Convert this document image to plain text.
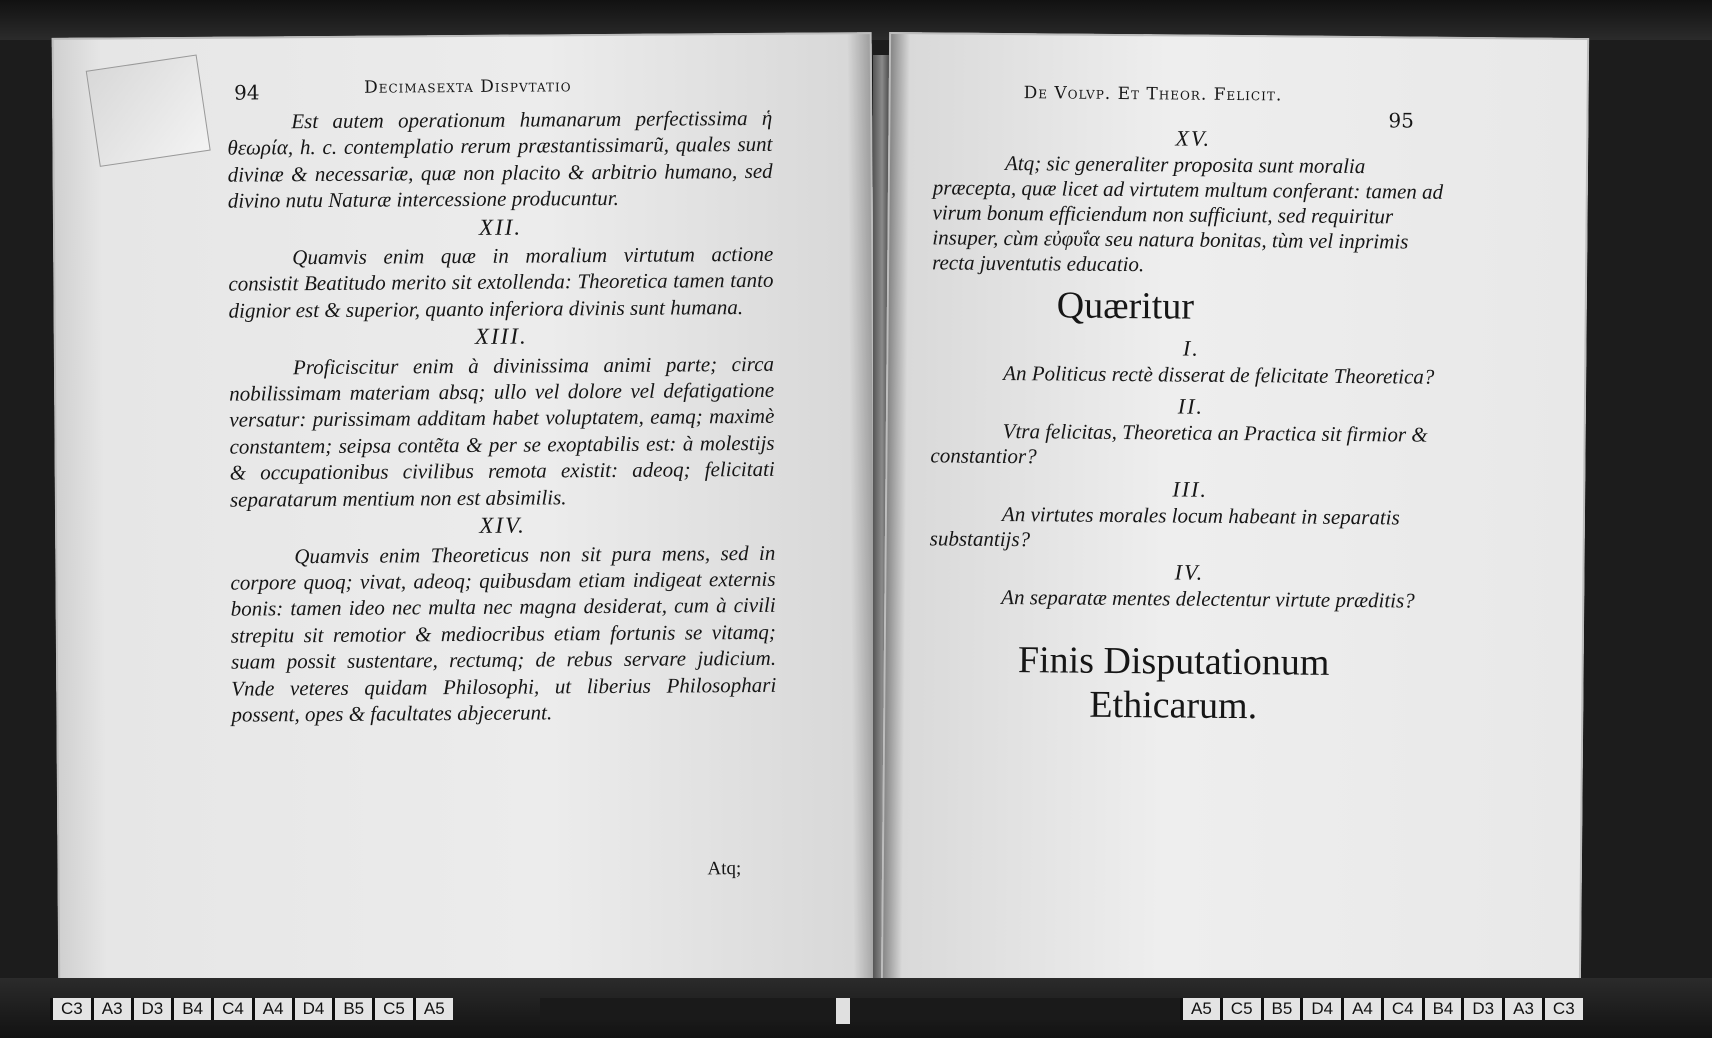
94	Decimasexta Dispvtatio

Est autem operationum humanarum perfectissima ἡ θεωρία, h. c. contemplatio rerum præstantissimarũ, quales sunt divinæ & necessariæ, quæ non placito & arbitrio humano, sed divino nutu Naturæ intercessione producuntur.

XII.

Quamvis enim quæ in moralium virtutum actione consistit Beatitudo merito sit extollenda: Theoretica tamen tanto dignior est & superior, quanto inferiora divinis sunt humana.

XIII.

Proficiscitur enim à divinissima animi parte; circa nobilissimam materiam absq; ullo vel dolore vel defatigatione versatur: purissimam additam habet voluptatem, eamq; maximè constantem; seipsa contẽta & per se exoptabilis est: à molestijs & occupationibus civilibus remota existit: adeoq; felicitati separatarum mentium non est absimilis.

XIV.

Quamvis enim Theoreticus non sit pura mens, sed in corpore quoq; vivat, adeoq; quibusdam etiam indigeat externis bonis: tamen ideo nec multa nec magna desiderat, cum à civili strepitu sit remotior & mediocribus etiam fortunis se vitamq; suam possit sustentare, rectumq; de rebus servare judicium. Vnde veteres quidam Philosophi, ut liberius Philosophari possent, opes & facultates abjecerunt.

Atq;
De Volvp. Et Theor. Felicit.
95
XV.

Atq; sic generaliter proposita sunt moralia præcepta, quæ licet ad virtutem multum conferant: tamen ad virum bonum efficiendum non sufficiunt, sed requiritur insuper, cùm εὐφυΐα seu natura bonitas, tùm vel inprimis recta juventutis educatio.

Quæritur
I.

An Politicus rectè disserat de felicitate Theoretica?

II.

Vtra felicitas, Theoretica an Practica sit firmior & constantior?

III.

An virtutes morales locum habeant in separatis substantijs?

IV.

An separatæ mentes delectentur virtute præditis?

Finis Disputationum
Ethicarum.
C3	A3	D3	B4	C4	A4	D4	B5	C5	A5	A5	C5	B5	D4	A4	C4	B4	D3	A3	C3
